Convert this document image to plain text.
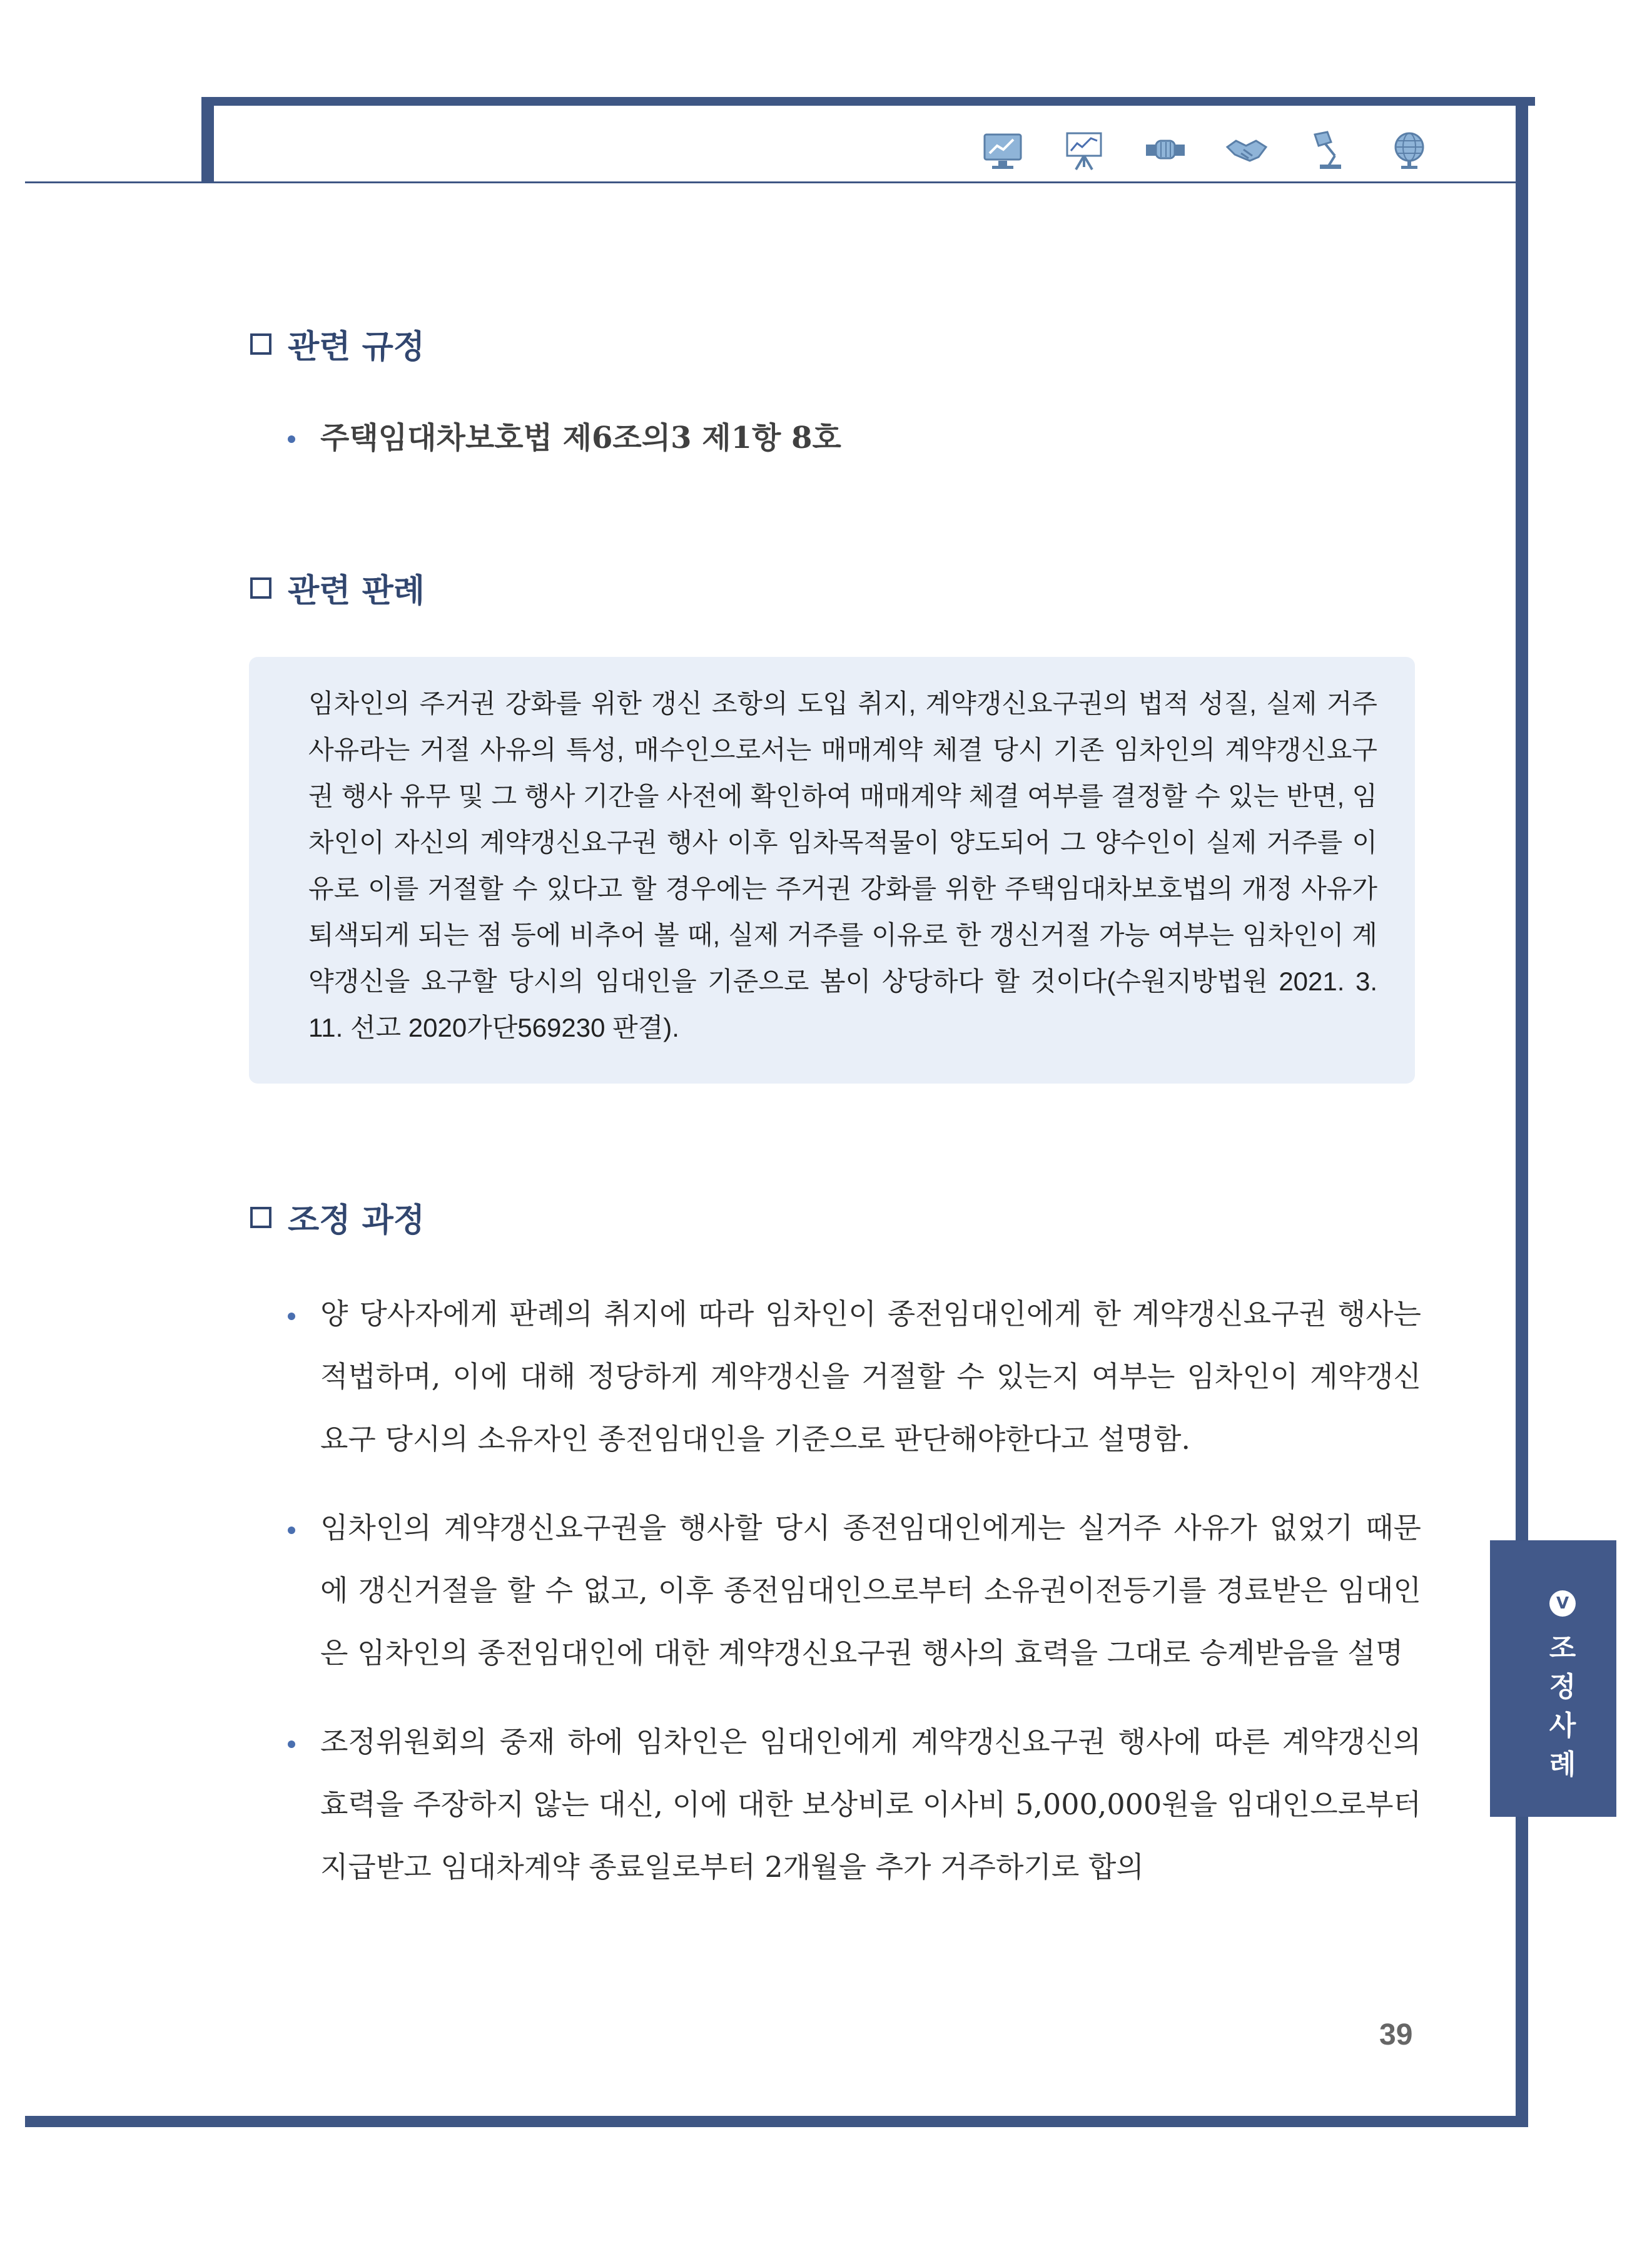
관련 규정
주택임대차보호법 제6조의3 제1항 8호
관련 판례

임차인의 주거권 강화를 위한 갱신 조항의 도입 취지, 계약갱신요구권의 법적 성질, 실제 거주 사유라는 거절 사유의 특성, 매수인으로서는 매매계약 체결 당시 기존 임차인의 계약갱신요구권 행사 유무 및 그 행사 기간을 사전에 확인하여 매매계약 체결 여부를 결정할 수 있는 반면, 임차인이 자신의 계약갱신요구권 행사 이후 임차목적물이 양도되어 그 양수인이 실제 거주를 이유로 이를 거절할 수 있다고 할 경우에는 주거권 강화를 위한 주택임대차보호법의 개정 사유가 퇴색되게 되는 점 등에 비추어 볼 때, 실제 거주를 이유로 한 갱신거절 가능 여부는 임차인이 계약갱신을 요구할 당시의 임대인을 기준으로 봄이 상당하다 할 것이다(수원지방법원 2021. 3. 11. 선고 2020가단569230 판결).

조정 과정
양 당사자에게 판례의 취지에 따라 임차인이 종전임대인에게 한 계약갱신요구권 행사는 적법하며, 이에 대해 정당하게 계약갱신을 거절할 수 있는지 여부는 임차인이 계약갱신요구 당시의 소유자인 종전임대인을 기준으로 판단해야한다고 설명함.
임차인의 계약갱신요구권을 행사할 당시 종전임대인에게는 실거주 사유가 없었기 때문에 갱신거절을 할 수 없고, 이후 종전임대인으로부터 소유권이전등기를 경료받은 임대인은 임차인의 종전임대인에 대한 계약갱신요구권 행사의 효력을 그대로 승계받음을 설명
조정위원회의 중재 하에 임차인은 임대인에게 계약갱신요구권 행사에 따른 계약갱신의 효력을 주장하지 않는 대신, 이에 대한 보상비로 이사비 5,000,000원을 임대인으로부터 지급받고 임대차계약 종료일로부터 2개월을 추가 거주하기로 합의
V
조정사례
39
